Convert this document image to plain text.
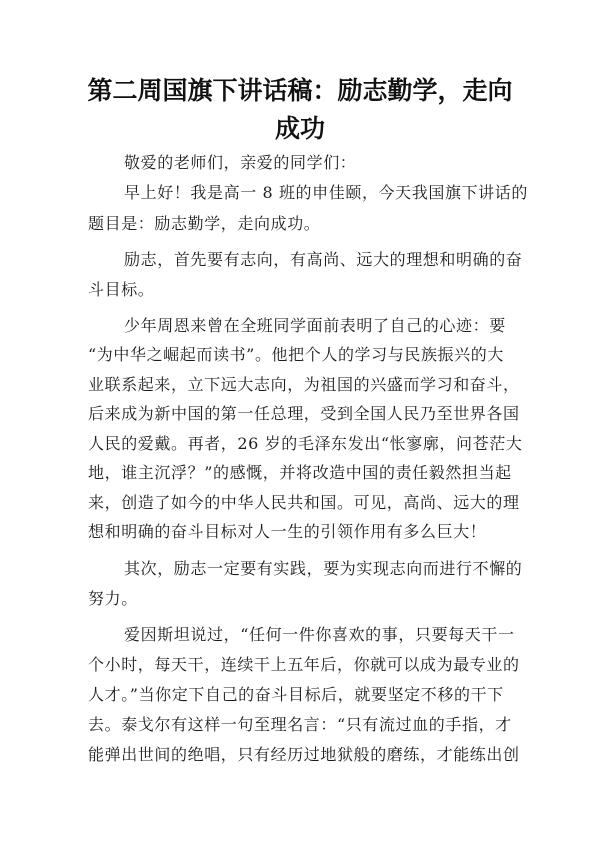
第二周国旗下讲话稿：励志勤学，走向
成功
敬爱的老师们，亲爱的同学们：
早上好！我是高一 8 班的申佳颐，今天我国旗下讲话的
题目是：励志勤学，走向成功。
励志，首先要有志向，有高尚、远大的理想和明确的奋
斗目标。
少年周恩来曾在全班同学面前表明了自己的心迹：要
“为中华之崛起而读书”。他把个人的学习与民族振兴的大
业联系起来，立下远大志向，为祖国的兴盛而学习和奋斗，
后来成为新中国的第一任总理，受到全国人民乃至世界各国
人民的爱戴。再者，26 岁的毛泽东发出“怅寥廓，问苍茫大
地，谁主沉浮？”的感慨，并将改造中国的责任毅然担当起
来，创造了如今的中华人民共和国。可见，高尚、远大的理
想和明确的奋斗目标对人一生的引领作用有多么巨大！
其次，励志一定要有实践，要为实现志向而进行不懈的
努力。
爱因斯坦说过，“任何一件你喜欢的事，只要每天干一
个小时，每天干，连续干上五年后，你就可以成为最专业的
人才。”当你定下自己的奋斗目标后，就要坚定不移的干下
去。泰戈尔有这样一句至理名言：“只有流过血的手指，才
能弹出世间的绝唱，只有经历过地狱般的磨练，才能练出创
